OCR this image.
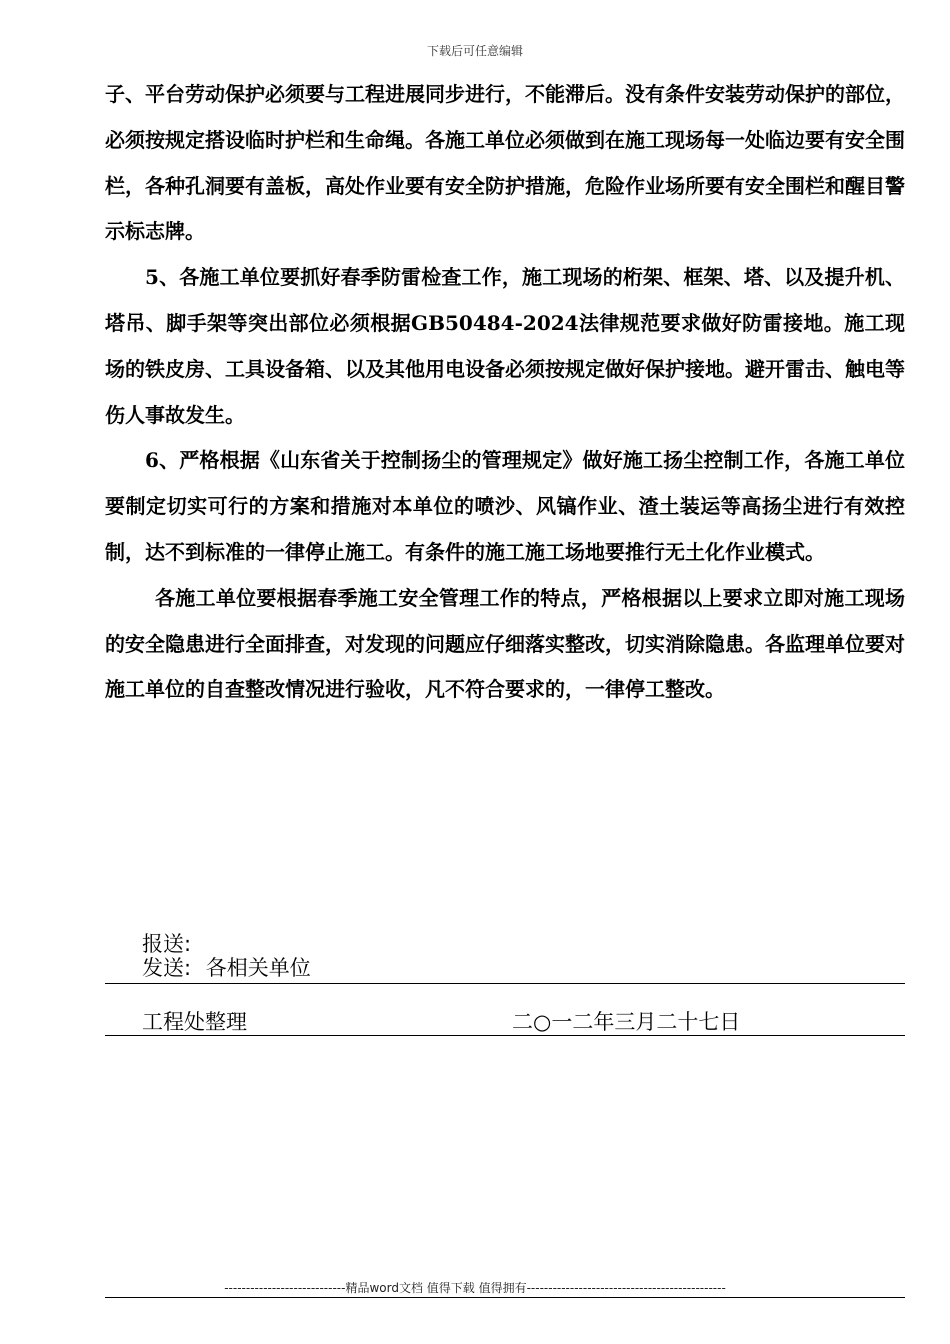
下载后可任意编辑

子、平台劳动保护必须要与工程进展同步进行，不能滞后。没有条件安装劳动保护的部位，必须按规定搭设临时护栏和生命绳。各施工单位必须做到在施工现场每一处临边要有安全围栏，各种孔洞要有盖板，高处作业要有安全防护措施，危险作业场所要有安全围栏和醒目警示标志牌。

5、各施工单位要抓好春季防雷检查工作，施工现场的桁架、框架、塔、以及提升机、塔吊、脚手架等突出部位必须根据GB50484-2024法律规范要求做好防雷接地。施工现场的铁皮房、工具设备箱、以及其他用电设备必须按规定做好保护接地。避开雷击、触电等伤人事故发生。

6、严格根据《山东省关于控制扬尘的管理规定》做好施工扬尘控制工作，各施工单位要制定切实可行的方案和措施对本单位的喷沙、风镐作业、渣土装运等高扬尘进行有效控制，达不到标准的一律停止施工。有条件的施工施工场地要推行无土化作业模式。

各施工单位要根据春季施工安全管理工作的特点，严格根据以上要求立即对施工现场的安全隐患进行全面排查，对发现的问题应仔细落实整改，切实消除隐患。各监理单位要对施工单位的自查整改情况进行验收，凡不符合要求的，一律停工整改。

报送:
发送: 各相关单位
工程处整理	二○一二年三月二十七日
----------------------------精品word文档 值得下载 值得拥有----------------------------------------------
